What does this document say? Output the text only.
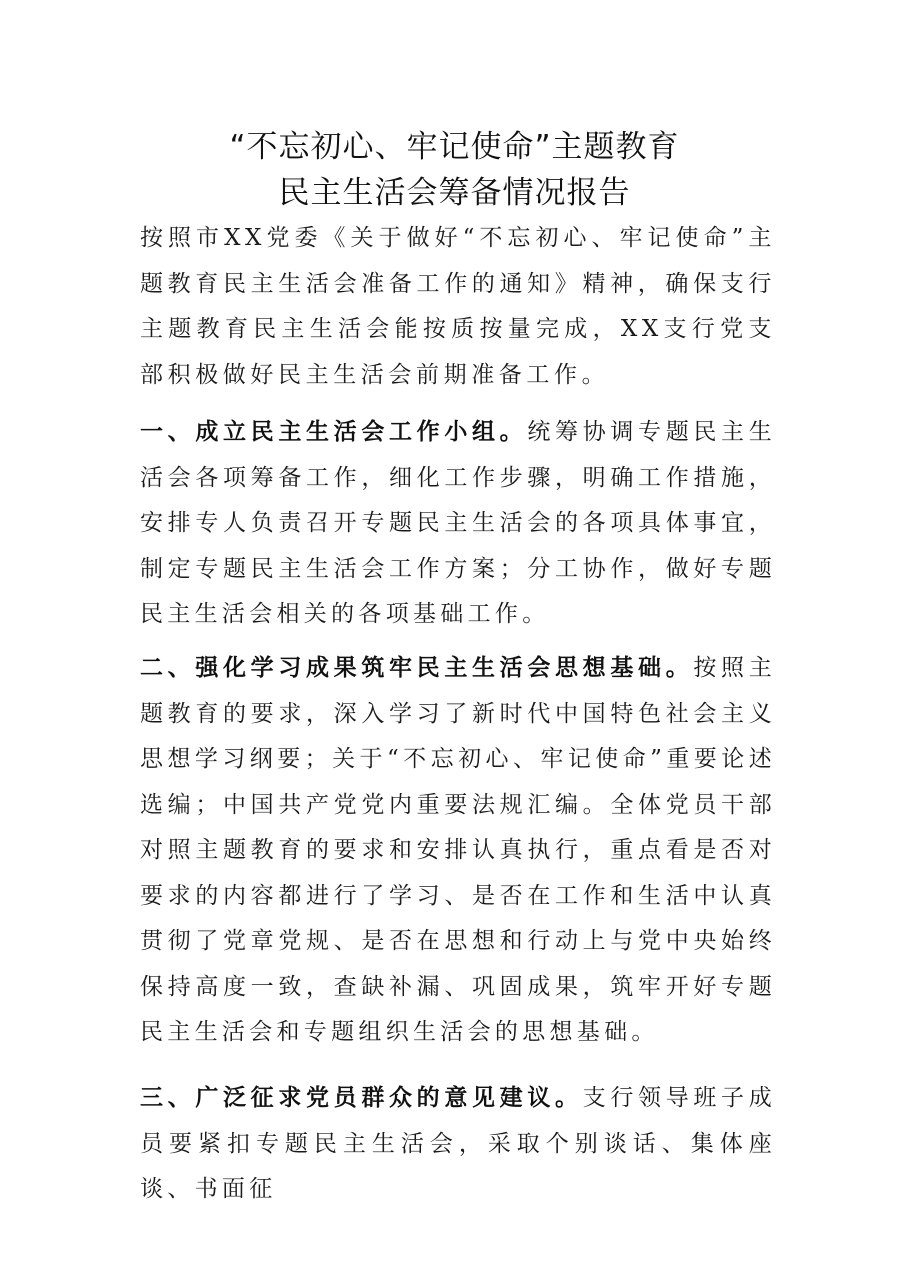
“不忘初心、牢记使命”主题教育
民主生活会筹备情况报告

按照市XX党委《关于做好“不忘初心、牢记使命”主题教育民主生活会准备工作的通知》精神，确保支行主题教育民主生活会能按质按量完成，XX支行党支部积极做好民主生活会前期准备工作。

一、成立民主生活会工作小组。统筹协调专题民主生活会各项筹备工作，细化工作步骤，明确工作措施，安排专人负责召开专题民主生活会的各项具体事宜，制定专题民主生活会工作方案；分工协作，做好专题民主生活会相关的各项基础工作。

二、强化学习成果筑牢民主生活会思想基础。按照主题教育的要求，深入学习了新时代中国特色社会主义思想学习纲要；关于“不忘初心、牢记使命”重要论述选编；中国共产党党内重要法规汇编。全体党员干部对照主题教育的要求和安排认真执行，重点看是否对要求的内容都进行了学习、是否在工作和生活中认真贯彻了党章党规、是否在思想和行动上与党中央始终保持高度一致，查缺补漏、巩固成果，筑牢开好专题民主生活会和专题组织生活会的思想基础。

三、广泛征求党员群众的意见建议。支行领导班子成员要紧扣专题民主生活会，采取个别谈话、集体座谈、书面征
